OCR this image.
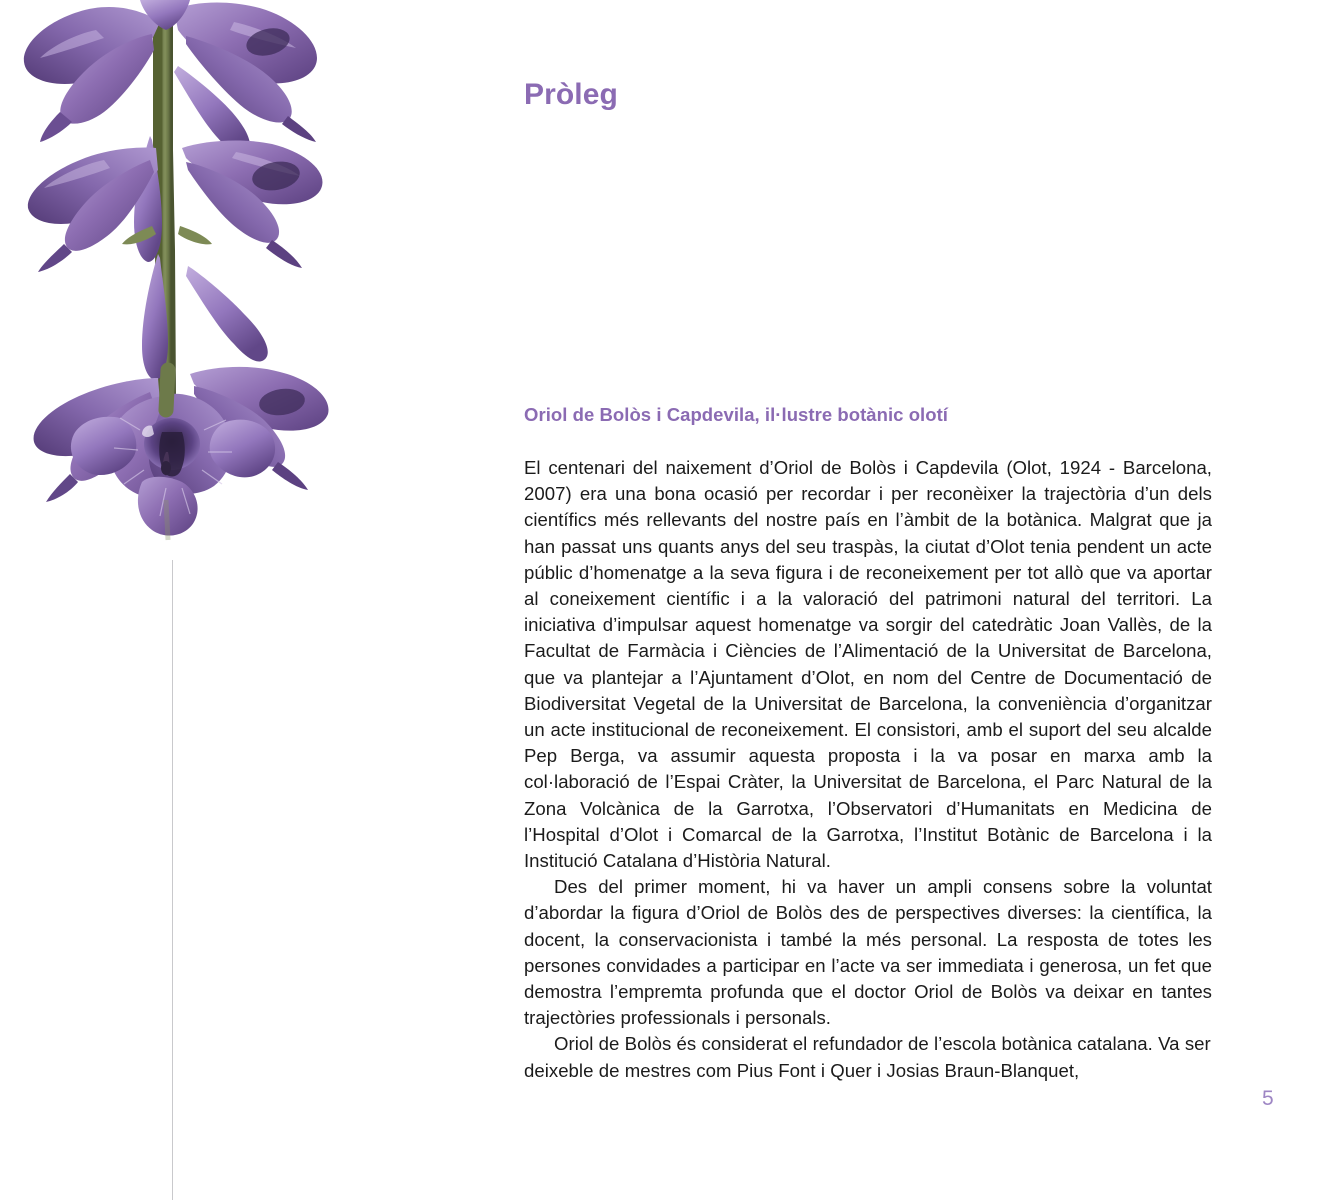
Pròleg
Oriol de Bolòs i Capdevila, il·lustre botànic olotí

El centenari del naixement d’Oriol de Bolòs i Capdevila (Olot, 1924 - Barcelona, 2007) era una bona ocasió per recordar i per reconèixer la trajectòria d’un dels científics més rellevants del nostre país en l’àmbit de la botànica. Malgrat que ja han passat uns quants anys del seu traspàs, la ciutat d’Olot tenia pendent un acte públic d’homenatge a la seva figura i de reconeixement per tot allò que va aportar al coneixement científic i a la valoració del patrimoni natural del territori. La iniciativa d’impulsar aquest homenatge va sorgir del catedràtic Joan Vallès, de la Facultat de Farmàcia i Ciències de l’Alimentació de la Universitat de Barcelona, que va plantejar a l’Ajuntament d’Olot, en nom del Centre de Documentació de Biodiversitat Vegetal de la Universitat de Barcelona, la conveniència d’organitzar un acte institucional de reconeixement. El consistori, amb el suport del seu alcalde Pep Berga, va assumir aquesta proposta i la va posar en marxa amb la col·laboració de l’Espai Cràter, la Universitat de Barcelona, el Parc Natural de la Zona Volcànica de la Garrotxa, l’Observatori d’Humanitats en Medicina de l’Hospital d’Olot i Comarcal de la Garrotxa, l’Institut Botànic de Barcelona i la Institució Catalana d’Història Natural.

Des del primer moment, hi va haver un ampli consens sobre la voluntat d’abordar la figura d’Oriol de Bolòs des de perspectives diverses: la científica, la docent, la conservacionista i també la més personal. La resposta de totes les persones convidades a participar en l’acte va ser immediata i generosa, un fet que demostra l’empremta profunda que el doctor Oriol de Bolòs va deixar en tantes trajectòries professionals i personals.

Oriol de Bolòs és considerat el refundador de l’escola botànica catalana. Va ser deixeble de mestres com Pius Font i Quer i Josias Braun-Blanquet,

5
